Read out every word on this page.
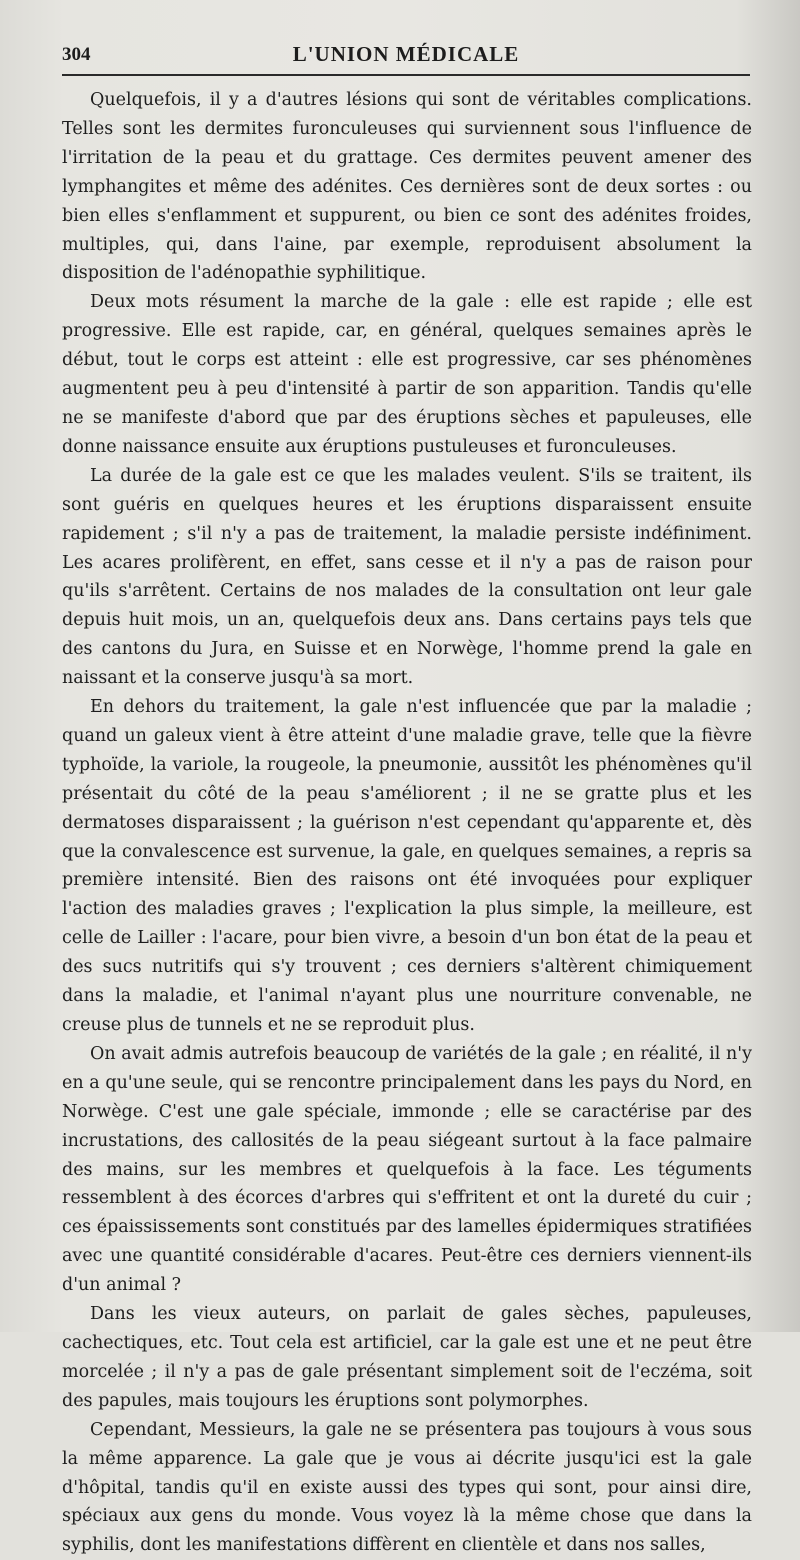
304	L'UNION MÉDICALE

Quelquefois, il y a d'autres lésions qui sont de véritables complications. Telles sont les dermites furonculeuses qui surviennent sous l'influence de l'irritation de la peau et du grattage. Ces dermites peuvent amener des lymphangites et même des adénites. Ces dernières sont de deux sortes : ou bien elles s'enflamment et suppurent, ou bien ce sont des adénites froides, multiples, qui, dans l'aine, par exemple, reproduisent absolument la disposition de l'adénopathie syphilitique.

Deux mots résument la marche de la gale : elle est rapide ; elle est progressive. Elle est rapide, car, en général, quelques semaines après le début, tout le corps est atteint : elle est progressive, car ses phénomènes augmentent peu à peu d'intensité à partir de son apparition. Tandis qu'elle ne se manifeste d'abord que par des éruptions sèches et papuleuses, elle donne naissance ensuite aux éruptions pustuleuses et furonculeuses.

La durée de la gale est ce que les malades veulent. S'ils se traitent, ils sont guéris en quelques heures et les éruptions disparaissent ensuite rapidement ; s'il n'y a pas de traitement, la maladie persiste indéfiniment. Les acares prolifèrent, en effet, sans cesse et il n'y a pas de raison pour qu'ils s'arrêtent. Certains de nos malades de la consultation ont leur gale depuis huit mois, un an, quelquefois deux ans. Dans certains pays tels que des cantons du Jura, en Suisse et en Norwège, l'homme prend la gale en naissant et la conserve jusqu'à sa mort.

En dehors du traitement, la gale n'est influencée que par la maladie ; quand un galeux vient à être atteint d'une maladie grave, telle que la fièvre typhoïde, la variole, la rougeole, la pneumonie, aussitôt les phénomènes qu'il présentait du côté de la peau s'améliorent ; il ne se gratte plus et les dermatoses disparaissent ; la guérison n'est cependant qu'apparente et, dès que la convalescence est survenue, la gale, en quelques semaines, a repris sa première intensité. Bien des raisons ont été invoquées pour expliquer l'action des maladies graves ; l'explication la plus simple, la meilleure, est celle de Lailler : l'acare, pour bien vivre, a besoin d'un bon état de la peau et des sucs nutritifs qui s'y trouvent ; ces derniers s'altèrent chimiquement dans la maladie, et l'animal n'ayant plus une nourriture convenable, ne creuse plus de tunnels et ne se reproduit plus.

On avait admis autrefois beaucoup de variétés de la gale ; en réalité, il n'y en a qu'une seule, qui se rencontre principalement dans les pays du Nord, en Norwège. C'est une gale spéciale, immonde ; elle se caractérise par des incrustations, des callosités de la peau siégeant surtout à la face palmaire des mains, sur les membres et quelquefois à la face. Les téguments ressemblent à des écorces d'arbres qui s'effritent et ont la dureté du cuir ; ces épaississements sont constitués par des lamelles épidermiques stratifiées avec une quantité considérable d'acares. Peut-être ces derniers viennent-ils d'un animal ?

Dans les vieux auteurs, on parlait de gales sèches, papuleuses, cachectiques, etc. Tout cela est artificiel, car la gale est une et ne peut être morcelée ; il n'y a pas de gale présentant simplement soit de l'eczéma, soit des papules, mais toujours les éruptions sont polymorphes.

Cependant, Messieurs, la gale ne se présentera pas toujours à vous sous la même apparence. La gale que je vous ai décrite jusqu'ici est la gale d'hôpital, tandis qu'il en existe aussi des types qui sont, pour ainsi dire, spéciaux aux gens du monde. Vous voyez là la même chose que dans la syphilis, dont les manifestations diffèrent en clientèle et dans nos salles,
